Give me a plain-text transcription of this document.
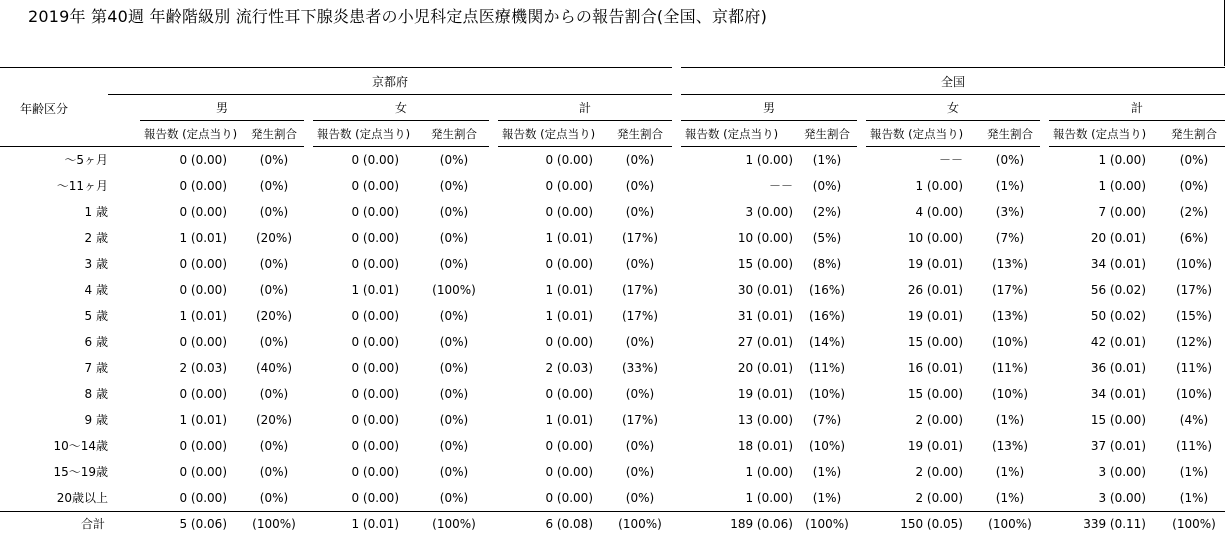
2019年 第40週 年齢階級別 流行性耳下腺炎患者の小児科定点医療機関からの報告割合(全国、京都府)
年齢区分
京都府	全国
男	女	計	男	女	計
報告数 (定点当り)	発生割合	報告数 (定点当り)	発生割合	報告数 (定点当り)	発生割合	報告数 (定点当り)	発生割合	報告数 (定点当り)	発生割合	報告数 (定点当り)	発生割合
～5ヶ月	0 (0.00)	(0%)	0 (0.00)	(0%)	0 (0.00)	(0%)	1 (0.00)	(1%)	－－	(0%)	1 (0.00)	(0%)
～11ヶ月	0 (0.00)	(0%)	0 (0.00)	(0%)	0 (0.00)	(0%)	－－	(0%)	1 (0.00)	(1%)	1 (0.00)	(0%)
1 歳	0 (0.00)	(0%)	0 (0.00)	(0%)	0 (0.00)	(0%)	3 (0.00)	(2%)	4 (0.00)	(3%)	7 (0.00)	(2%)
2 歳	1 (0.01)	(20%)	0 (0.00)	(0%)	1 (0.01)	(17%)	10 (0.00)	(5%)	10 (0.00)	(7%)	20 (0.01)	(6%)
3 歳	0 (0.00)	(0%)	0 (0.00)	(0%)	0 (0.00)	(0%)	15 (0.00)	(8%)	19 (0.01)	(13%)	34 (0.01)	(10%)
4 歳	0 (0.00)	(0%)	1 (0.01)	(100%)	1 (0.01)	(17%)	30 (0.01)	(16%)	26 (0.01)	(17%)	56 (0.02)	(17%)
5 歳	1 (0.01)	(20%)	0 (0.00)	(0%)	1 (0.01)	(17%)	31 (0.01)	(16%)	19 (0.01)	(13%)	50 (0.02)	(15%)
6 歳	0 (0.00)	(0%)	0 (0.00)	(0%)	0 (0.00)	(0%)	27 (0.01)	(14%)	15 (0.00)	(10%)	42 (0.01)	(12%)
7 歳	2 (0.03)	(40%)	0 (0.00)	(0%)	2 (0.03)	(33%)	20 (0.01)	(11%)	16 (0.01)	(11%)	36 (0.01)	(11%)
8 歳	0 (0.00)	(0%)	0 (0.00)	(0%)	0 (0.00)	(0%)	19 (0.01)	(10%)	15 (0.00)	(10%)	34 (0.01)	(10%)
9 歳	1 (0.01)	(20%)	0 (0.00)	(0%)	1 (0.01)	(17%)	13 (0.00)	(7%)	2 (0.00)	(1%)	15 (0.00)	(4%)
10～14歳	0 (0.00)	(0%)	0 (0.00)	(0%)	0 (0.00)	(0%)	18 (0.01)	(10%)	19 (0.01)	(13%)	37 (0.01)	(11%)
15～19歳	0 (0.00)	(0%)	0 (0.00)	(0%)	0 (0.00)	(0%)	1 (0.00)	(1%)	2 (0.00)	(1%)	3 (0.00)	(1%)
20歳以上	0 (0.00)	(0%)	0 (0.00)	(0%)	0 (0.00)	(0%)	1 (0.00)	(1%)	2 (0.00)	(1%)	3 (0.00)	(1%)
合計	5 (0.06)	(100%)	1 (0.01)	(100%)	6 (0.08)	(100%)	189 (0.06)	(100%)	150 (0.05)	(100%)	339 (0.11)	(100%)
